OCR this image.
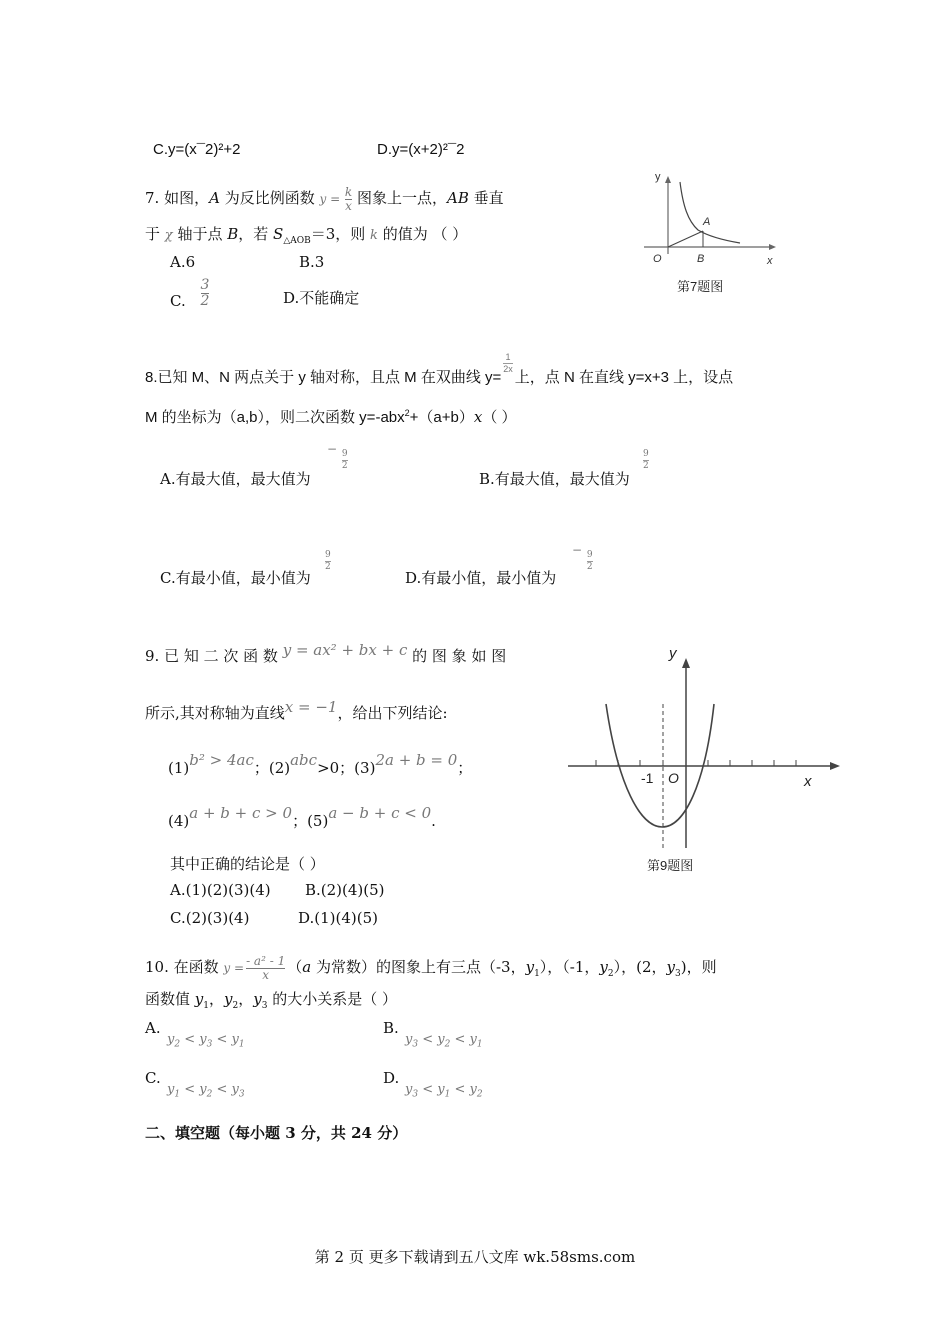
C.y=(x¯2)²+2	D.y=(x+2)²¯2
7. 如图，A 为反比例函数 $y = \frac{k}{x}$ 图象上一点，AB 垂直
于 χ 轴于点 B，若 $S_{\triangle AOB}=3$，则 k 的值为 （ ）
A.6	B.3
C. $\frac{3}{2}$	D.不能确定
y
x
O
A
B
第7题图
8.已知 M、N 两点关于 y 轴对称，且点 M 在双曲线 y=
$\frac{1}{2x}$
上，点 N 在直线 y=x+3 上，设点
M 的坐标为（a,b），则二次函数 y=-abx$^2$+（a+b）x（ ）
A.有最大值，最大值为
−
$\frac{9}{2}$
B.有最大值，最大值为
$\frac{9}{2}$
C.有最小值，最小值为
$\frac{9}{2}$
D.有最小值，最小值为
−
$\frac{9}{2}$
9. 已 知 二 次 函 数 y = ax² + bx + c 的 图 象 如 图
所示,其对称轴为直线x = −1，给出下列结论:
(1)b² > 4ac；(2)abc>0；(3)2a + b = 0；
(4)a + b + c > 0；(5)a − b + c < 0.
其中正确的结论是（ ）
A.(1)(2)(3)(4) B.(2)(4)(5)
C.(2)(3)(4)	D.(1)(4)(5)
y
x
-1 O
第9题图
10. 在函数 $y = \frac{\text{- a² - 1}}{x} (a$ 为常数）的图象上有三点（-3，$y_1$），（-1，$y_2$），(2，$y_3$)，则
函数值 $y_1$，$y_2$，$y_3$ 的大小关系是（ ）
A.
$y_2 < y_3 < y_1$
B.
$y_3 < y_2 < y_1$
C.
$y_1 < y_2 < y_3$
D.
$y_3 < y_1 < y_2$
二、填空题（每小题 3 分，共 24 分）
第 2 页 更多下载请到五八文库 wk.58sms.com
